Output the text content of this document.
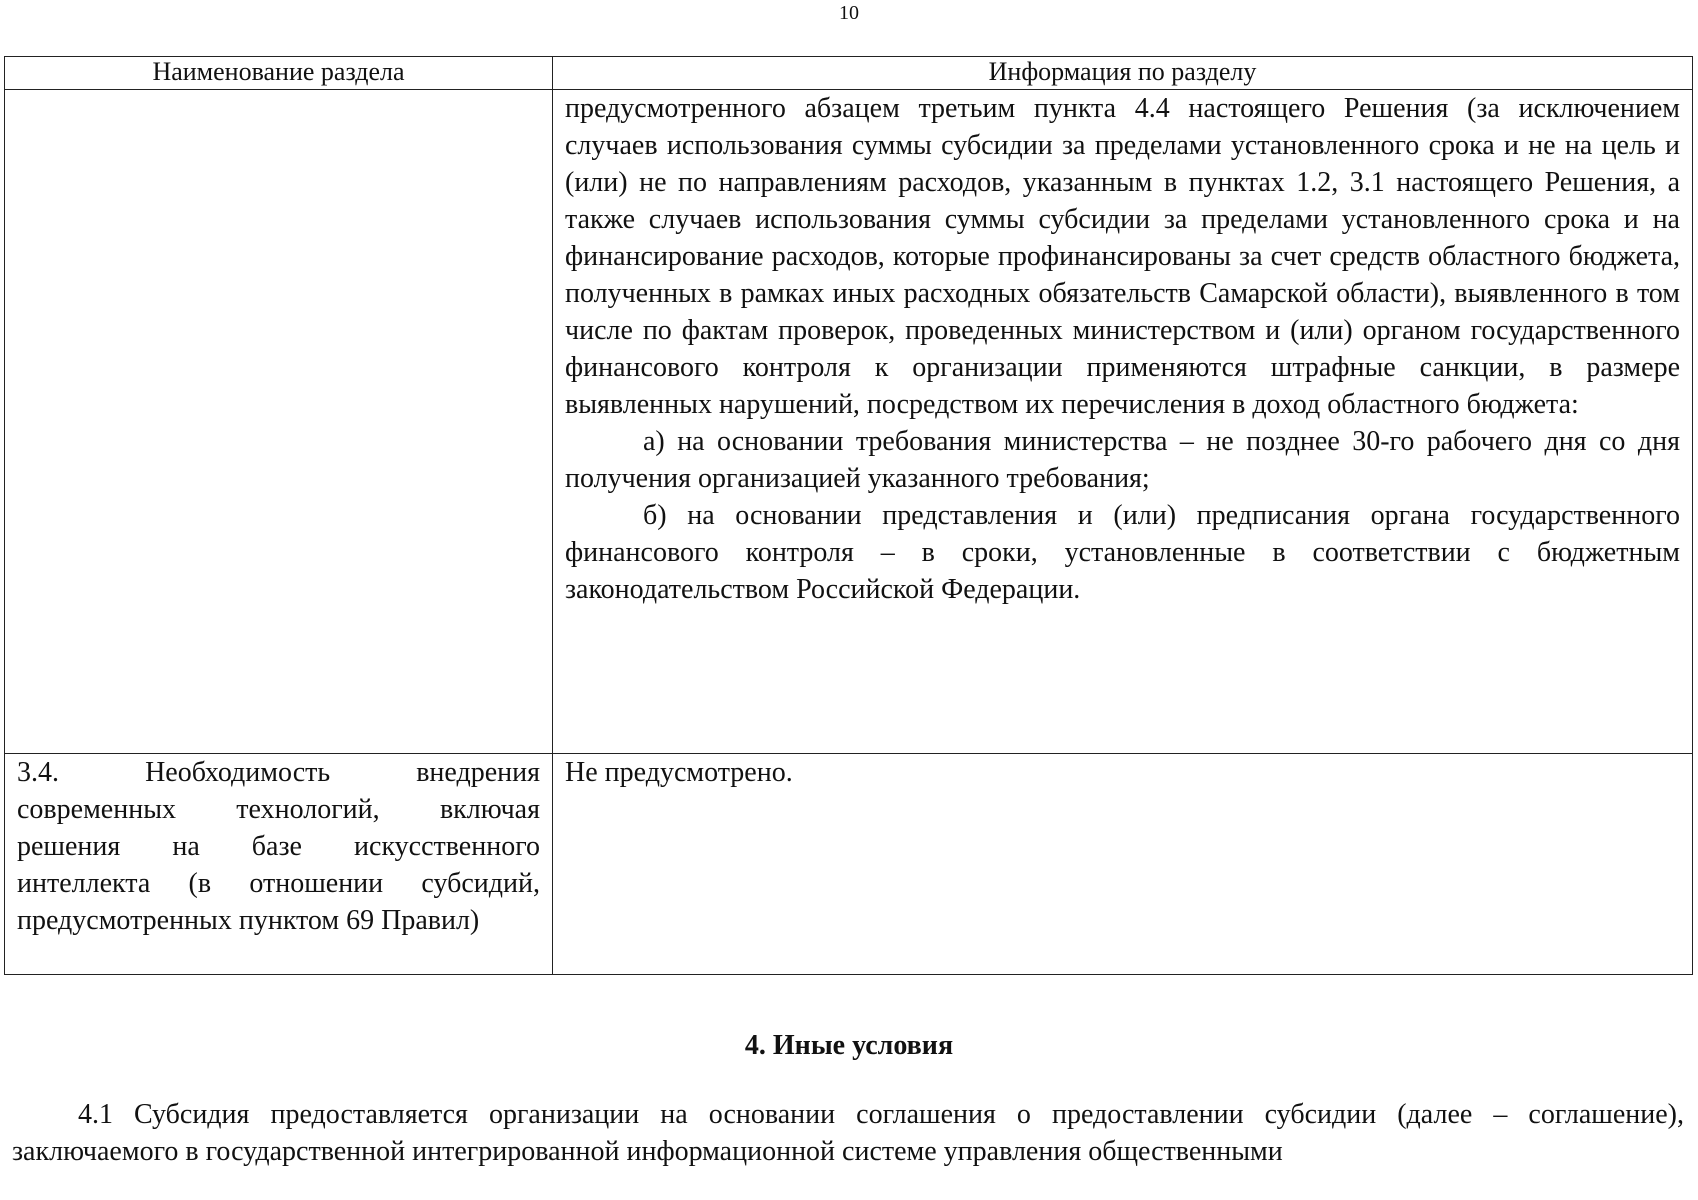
10
Наименование раздела	Информация по разделу

	предусмотренного абзацем третьим пункта 4.4 настоящего Решения (за исключением случаев использования суммы субсидии за пределами установленного срока и не на цель и (или) не по направлениям расходов, указанным в пунктах 1.2, 3.1 настоящего Решения, а также случаев использования суммы субсидии за пределами установленного срока и на финансирование расходов, которые профинансированы за счет средств областного бюджета, полученных в рамках иных расходных обязательств Самарской области), выявленного в том числе по фактам проверок, проведенных министерством и (или) органом государственного финансового контроля к организации применяются штрафные санкции, в размере выявленных нарушений, посредством их перечисления в доход областного бюджета:

а) на основании требования министерства – не позднее 30-го рабочего дня со дня получения организацией указанного требования;

б) на основании представления и (или) предписания органа государственного финансового контроля – в сроки, установленные в соответствии с бюджетным законодательством Российской Федерации.

3.4. Необходимость внедрения современных технологий, включая решения на базе искусственного интеллекта (в отношении субсидий, предусмотренных пунктом 69 Правил)	Не предусмотрено.

4. Иные условия

4.1 Субсидия предоставляется организации на основании соглашения о предоставлении субсидии (далее – соглашение), заключаемого в государственной интегрированной информационной системе управления общественными
